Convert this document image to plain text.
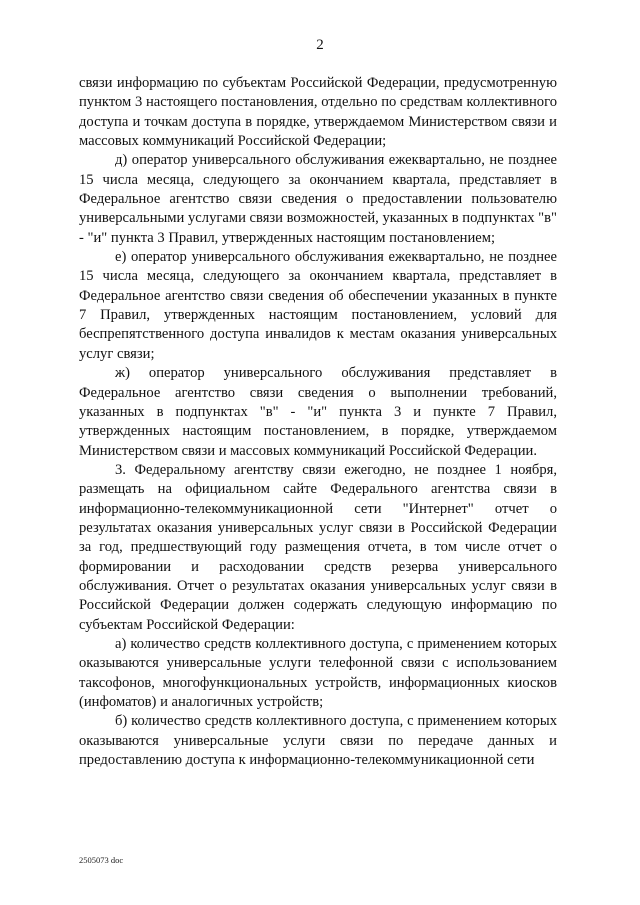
2

связи информацию по субъектам Российской Федерации, предусмотренную пунктом 3 настоящего постановления, отдельно по средствам коллективного доступа и точкам доступа в порядке, утверждаемом Министерством связи и массовых коммуникаций Российской Федерации;

д) оператор универсального обслуживания ежеквартально, не позднее 15 числа месяца, следующего за окончанием квартала, представляет в Федеральное агентство связи сведения о предоставлении пользователю универсальными услугами связи возможностей, указанных в подпунктах "в" - "и" пункта 3 Правил, утвержденных настоящим постановлением;

е) оператор универсального обслуживания ежеквартально, не позднее 15 числа месяца, следующего за окончанием квартала, представляет в Федеральное агентство связи сведения об обеспечении указанных в пункте 7 Правил, утвержденных настоящим постановлением, условий для беспрепятственного доступа инвалидов к местам оказания универсальных услуг связи;

ж) оператор универсального обслуживания представляет в Федеральное агентство связи сведения о выполнении требований, указанных в подпунктах "в" - "и" пункта 3 и пункте 7 Правил, утвержденных настоящим постановлением, в порядке, утверждаемом Министерством связи и массовых коммуникаций Российской Федерации.

3. Федеральному агентству связи ежегодно, не позднее 1 ноября, размещать на официальном сайте Федерального агентства связи в информационно-телекоммуникационной сети "Интернет" отчет о результатах оказания универсальных услуг связи в Российской Федерации за год, предшествующий году размещения отчета, в том числе отчет о формировании и расходовании средств резерва универсального обслуживания. Отчет о результатах оказания универсальных услуг связи в Российской Федерации должен содержать следующую информацию по субъектам Российской Федерации:

а) количество средств коллективного доступа, с применением которых оказываются универсальные услуги телефонной связи с использованием таксофонов, многофункциональных устройств, информационных киосков (инфоматов) и аналогичных устройств;

б) количество средств коллективного доступа, с применением которых оказываются универсальные услуги связи по передаче данных и предоставлению доступа к информационно-телекоммуникационной сети

2505073 doc
